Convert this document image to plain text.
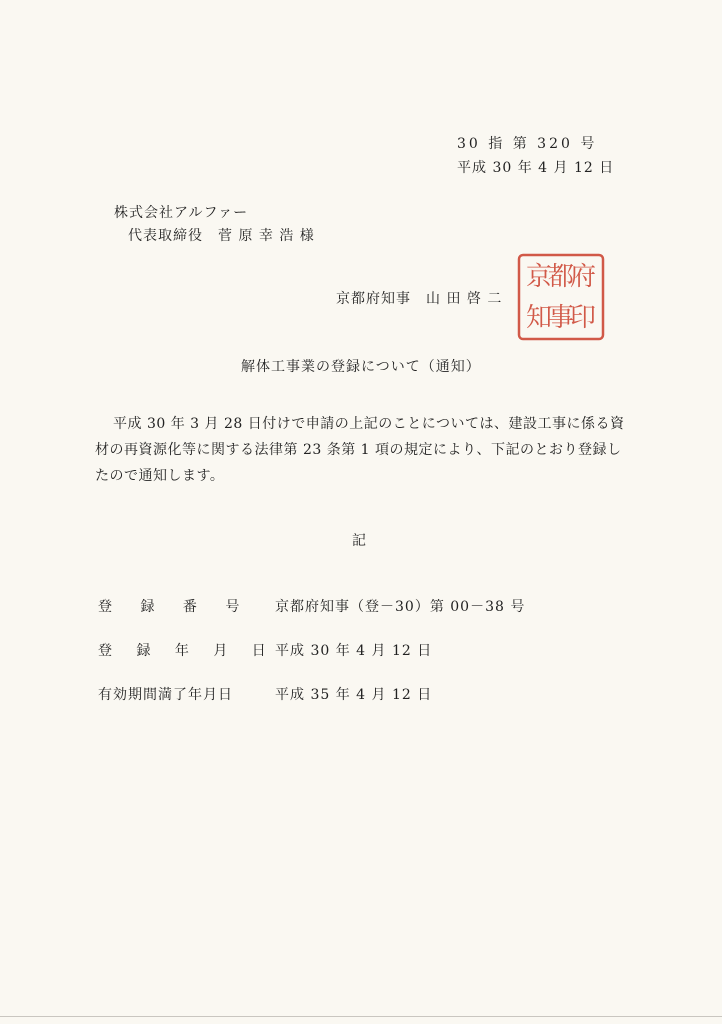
30 指 第 320 号
平成 30 年 4 月 12 日
株式会社アルファー
代表取締役　菅 原 幸 浩 様
京都府知事　山 田 啓 二
府
都
京
印
事
知
解体工事業の登録について（通知）
平成 30 年 3 月 28 日付けで申請の上記のことについては、建設工事に係る資材の再資源化等に関する法律第 23 条第 1 項の規定により、下記のとおり登録したので通知します。
記
登 録 番 号 京都府知事（登－30）第 00－38 号
登 録 年 月 日 平成 30 年 4 月 12 日
有効期間満了年月日	平成 35 年 4 月 12 日
